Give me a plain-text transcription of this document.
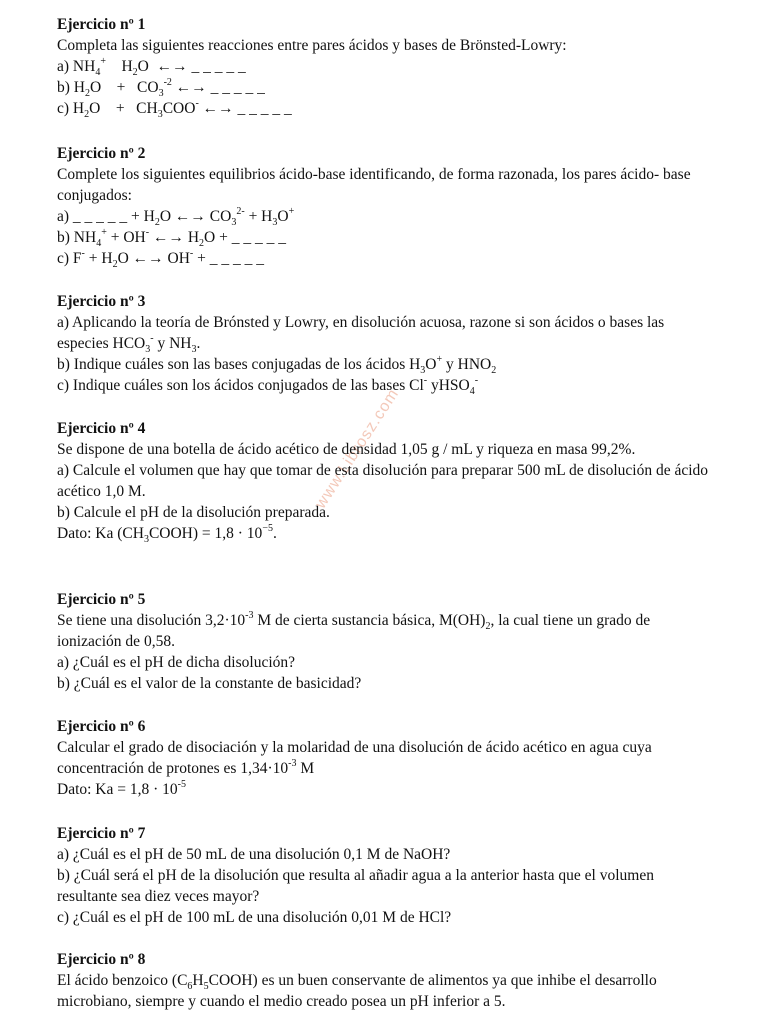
www.Librosz.com
Ejercicio nº 1

Completa las siguientes reacciones entre pares ácidos y bases de Brönsted-Lowry:

a) $NH_4^+$    $H_2O$  ←→ _ _ _ _ _

b) $H_2O$    +   $CO_3^{-2}$ ←→ _ _ _ _ _

c) $H_2O$    +   $CH_3COO^-$ ←→ _ _ _ _ _

Ejercicio nº 2

Complete los siguientes equilibrios ácido-base identificando, de forma razonada, los pares ácido- base conjugados:

a) _ _ _ _ _ + $H_2O$ ←→ $CO_3^{2-} + H_3O^+$

b) $NH_4^+ + OH^-$ ←→ $H_2O$ + _ _ _ _ _

c) $F^- + H_2O$ ←→ OH- + _ _ _ _ _

Ejercicio nº 3

a) Aplicando la teoría de Brónsted y Lowry, en disolución acuosa, razone si son ácidos o bases las especies $HCO_3^-$ y $NH_3$.

b) Indique cuáles son las bases conjugadas de los ácidos $H_3O^+$ y $HNO_2$

c) Indique cuáles son los ácidos conjugados de las bases Cl- yHSO$_4$-

Ejercicio nº 4

Se dispone de una botella de ácido acético de densidad 1,05 g / mL y riqueza en masa 99,2%.

a) Calcule el volumen que hay que tomar de esta disolución para preparar 500 mL de disolución de ácido acético 1,0 M.

b) Calcule el pH de la disolución preparada.

Dato: Ka $(CH_3COOH) = 1,8 \cdot 10^{-5}$.

Ejercicio nº 5

Se tiene una disolución $3,2\cdot 10^{-3}$ M de cierta sustancia básica, $M(OH)_2$, la cual tiene un grado de ionización de 0,58.

a) ¿Cuál es el pH de dicha disolución?

b) ¿Cuál es el valor de la constante de basicidad?

Ejercicio nº 6

Calcular el grado de disociación y la molaridad de una disolución de ácido acético en agua cuya concentración de protones es $1,34\cdot 10^{-3}$ M

Dato: $Ka = 1,8 \cdot 10^{-5}$

Ejercicio nº 7

a) ¿Cuál es el pH de 50 mL de una disolución 0,1 M de NaOH?

b) ¿Cuál será el pH de la disolución que resulta al añadir agua a la anterior hasta que el volumen resultante sea diez veces mayor?

c) ¿Cuál es el pH de 100 mL de una disolución 0,01 M de HCl?

Ejercicio nº 8

El ácido benzoico $(C_6H_5COOH)$ es un buen conservante de alimentos ya que inhibe el desarrollo microbiano, siempre y cuando el medio creado posea un pH inferior a 5.
